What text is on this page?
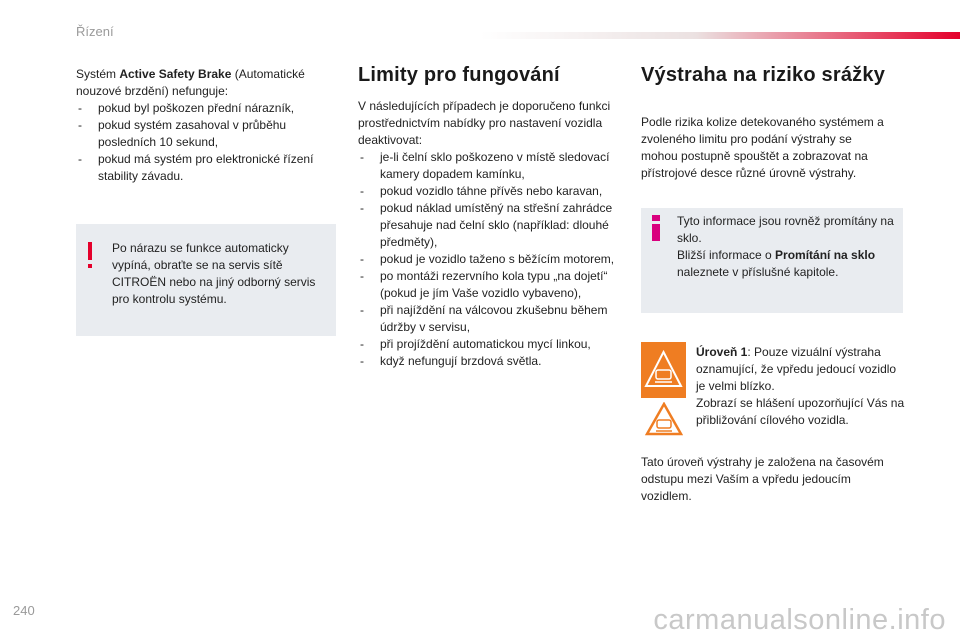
Řízení

Systém Active Safety Brake (Automatické nouzové brzdění) nefunguje:

- pokud byl poškozen přední nárazník,
- pokud systém zasahoval v průběhu posledních 10 sekund,
- pokud má systém pro elektronické řízení stability závadu.
Po nárazu se funkce automaticky vypíná, obraťte se na servis sítě CITROËN nebo na jiný odborný servis pro kontrolu systému.
Limity pro fungování

V následujících případech je doporučeno funkci prostřednictvím nabídky pro nastavení vozidla deaktivovat:

- je-li čelní sklo poškozeno v místě sledovací kamery dopadem kamínku,
- pokud vozidlo táhne přívěs nebo karavan,
- pokud náklad umístěný na střešní zahrádce přesahuje nad čelní sklo (například: dlouhé předměty),
- pokud je vozidlo taženo s běžícím motorem,
- po montáži rezervního kola typu „na dojetí“ (pokud je jím Vaše vozidlo vybaveno),
- při najíždění na válcovou zkušebnu během údržby v servisu,
- při projíždění automatickou mycí linkou,
- když nefungují brzdová světla.
Výstraha na riziko srážky
Podle rizika kolize detekovaného systémem a zvoleného limitu pro podání výstrahy se mohou postupně spouštět a zobrazovat na přístrojové desce různé úrovně výstrahy.
Tyto informace jsou rovněž promítány na sklo.
Bližší informace o Promítání na sklo naleznete v příslušné kapitole.

Úroveň 1: Pouze vizuální výstraha oznamující, že vpředu jedoucí vozidlo je velmi blízko.

Zobrazí se hlášení upozorňující Vás na přibližování cílového vozidla.

Tato úroveň výstrahy je založena na časovém odstupu mezi Vaším a vpředu jedoucím vozidlem.
240	carmanualsonline.info
